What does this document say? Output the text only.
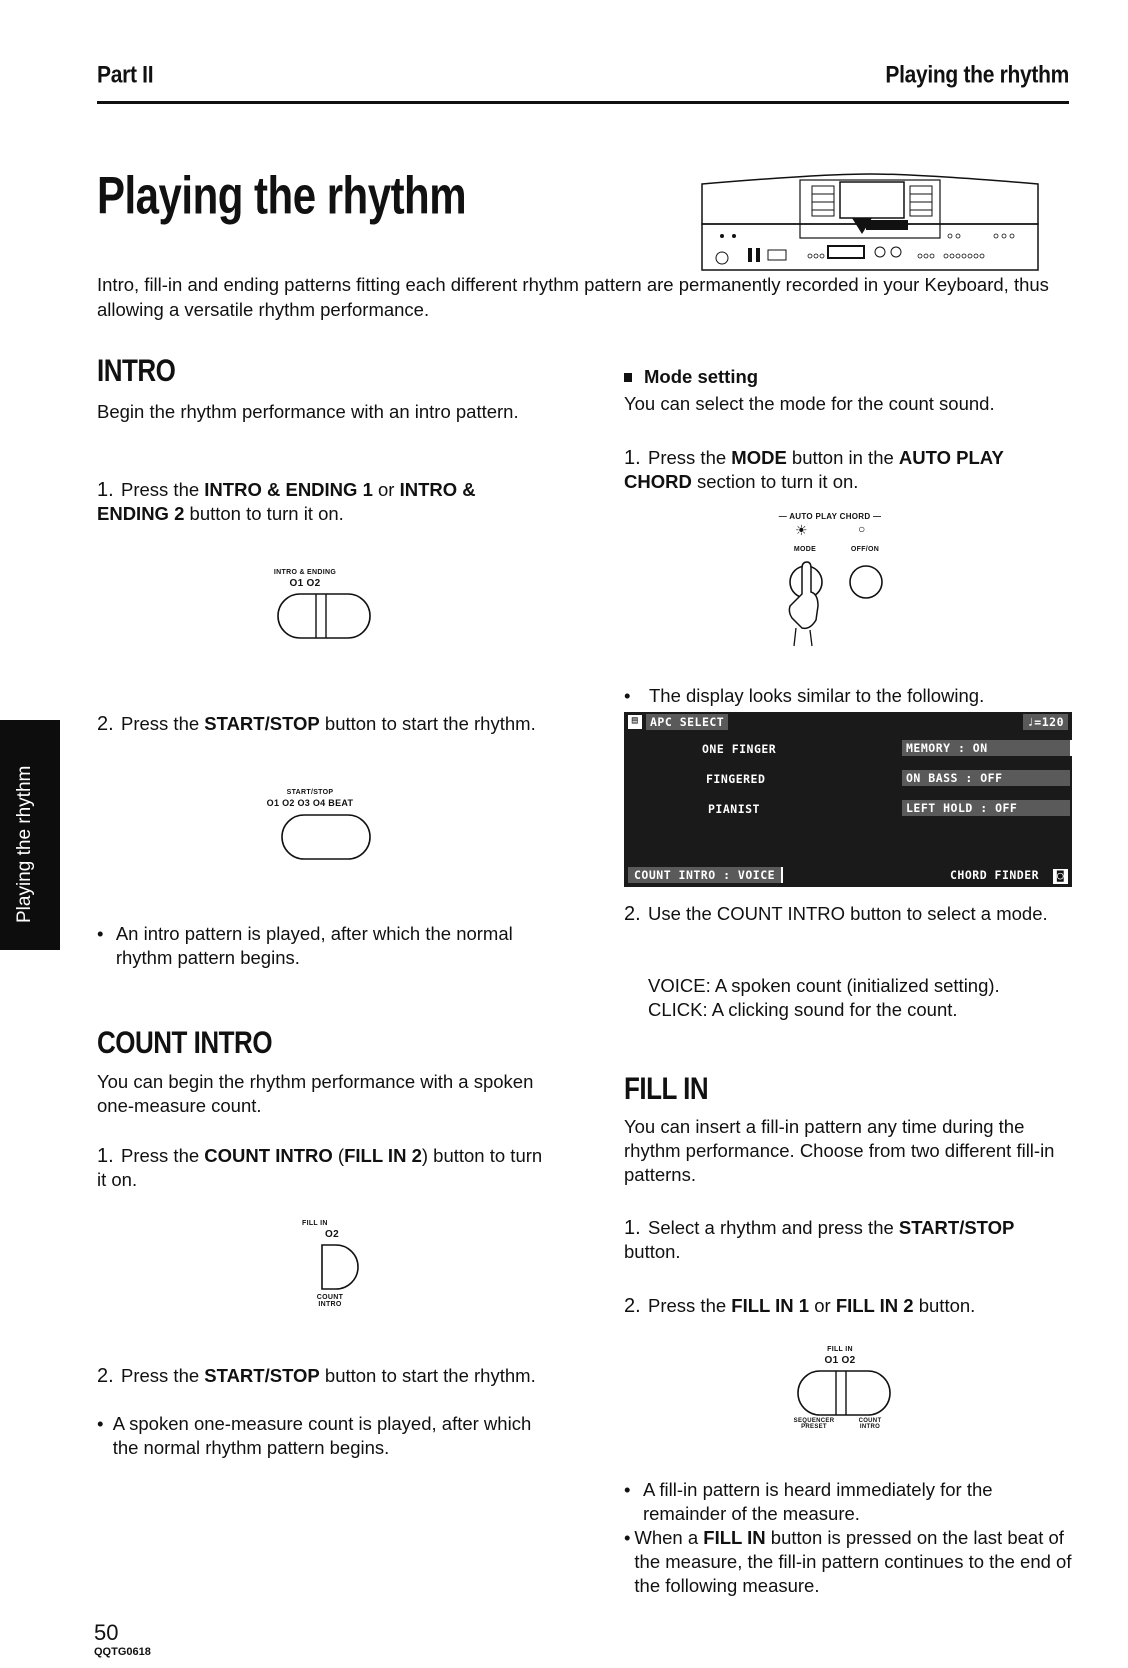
Part II	Playing the rhythm
Playing the rhythm
Intro, fill-in and ending patterns fitting each different rhythm pattern are permanently recorded in your Keyboard, thus allowing a versatile rhythm performance.
Playing the rhythm
INTRO
Begin the rhythm performance with an intro pattern.
1. Press the INTRO & ENDING 1 or INTRO & ENDING 2 button to turn it on.
INTRO & ENDING
O1 O2
2. Press the START/STOP button to start the rhythm.
START/STOP
O1 O2 O3 O4 BEAT
• An intro pattern is played, after which the normal rhythm pattern begins.
COUNT INTRO
You can begin the rhythm performance with a spoken one-measure count.
1. Press the COUNT INTRO (FILL IN 2) button to turn it on.
FILL IN
O2
COUNT INTRO
2. Press the START/STOP button to start the rhythm.
• A spoken one-measure count is played, after which the normal rhythm pattern begins.
Mode setting
You can select the mode for the count sound.
1. Press the MODE button in the AUTO PLAY CHORD section to turn it on.
— AUTO PLAY CHORD —
☀	○
MODE	OFF/ON
•	The display looks similar to the following.
▤	APC SELECT	♩=120
ONE FINGER
FINGERED
PIANIST
MEMORY : ON
ON BASS : OFF
LEFT HOLD : OFF
COUNT INTRO : VOICE	CHORD FINDER	◙
2. Use the COUNT INTRO button to select a mode.
VOICE: A spoken count (initialized setting).
CLICK: A clicking sound for the count.
FILL IN
You can insert a fill-in pattern any time during the rhythm performance. Choose from two different fill-in patterns.
1. Select a rhythm and press the START/STOP button.
2. Press the FILL IN 1 or FILL IN 2 button.
FILL IN
O1 O2
SEQUENCER PRESET
COUNT INTRO
• A fill-in pattern is heard immediately for the remainder of the measure.
• When a FILL IN button is pressed on the last beat of the measure, the fill-in pattern continues to the end of the following measure.
50
QQTG0618
